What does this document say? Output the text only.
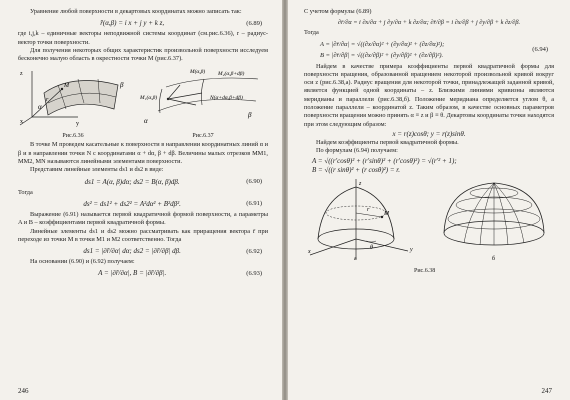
Уравнение любой поверхности в декартовых координатах можно записать так:

r̄(α,β) = i x + j y + k z,	(6.89)

где i,j,k – единичные векторы неподвижной системы координат (см.рис.6.36), r – радиус-вектор точки поверхности.

Для получения некоторых общих характеристик произвольной поверхности исследуем бесконечно малую область в окрестности точки M (рис.6.37).

z
x	y
M
r
β
α
Рис.6.36
M(α,β) M₂(α,β+dβ)
M₁(α,β)	N(α+dα,β+dβ)
α
β
Рис.6.37

В точке M проведем касательные к поверхности в направлении координатных линий α и β и в направлении точки N с координатами α + dα, β + dβ. Величины малых отрезков MM1, MM2, MN называются линейными элементами поверхности.

Представим линейные элементы ds1 и ds2 в виде:

ds1 = A(α, β)dα; ds2 = B(α, β)dβ.	(6.90)

Тогда

ds² = ds1² + ds2² = A²dα² + B²dβ².	(6.91)

Выражение (6.91) называется первой квадратичной формой поверхности, а параметры A и B – коэффициентами первой квадратичной формы.

Линейные элементы ds1 и ds2 можно рассматривать как приращения вектора r̄ при переходе из точки M в точки M1 и M2 соответственно. Тогда

ds1 = |∂r̄/∂α| dα; ds2 = |∂r̄/∂β| dβ.	(6.92)

На основании (6.90) и (6.92) получаем:

A = |∂r̄/∂α|, B = |∂r̄/∂β|.	(6.93)
246

С учетом формулы (6.89)

∂r̄/∂α = i ∂x/∂α + j ∂y/∂α + k ∂z/∂α; ∂r̄/∂β = i ∂x/∂β + j ∂y/∂β + k ∂z/∂β.

Тогда

A = |∂r̄/∂α| = √((∂x/∂α)² + (∂y/∂α)² + (∂z/∂α)²);
B = |∂r̄/∂β| = √((∂x/∂β)² + (∂y/∂β)² + (∂z/∂β)²).
(6.94)

Найдем в качестве примера коэффициенты первой квадратичной формы для поверхности вращения, образованной вращением некоторой произвольной кривой вокруг оси z (рис.6.38,а). Радиус вращения для некоторой точки, принадлежащей заданной кривой, является функцией одной координаты – z. Близкими линиями кривизны являются меридианы и параллели (рис.6.38,б). Положение меридиана определяется углом θ, а положение параллели – координатой z. Таким образом, в качестве основных параметров поверхности вращения можно принять α ≡ z и β ≡ θ. Декартовы координаты точки находятся при этом следующим образом:

x = r(z)cosθ; y = r(z)sinθ.

Найдем коэффициенты первой квадратичной формы.

По формулам (6.94) получаем:

A = √((r′cosθ)² + (r′sinθ)² + (r′cosθ)²) = √(r′² + 1);
B = √((r sinθ)² + (r cosθ)²) = r.
z
x	y
M
r
θ
а	б
Рис.6.38
247
